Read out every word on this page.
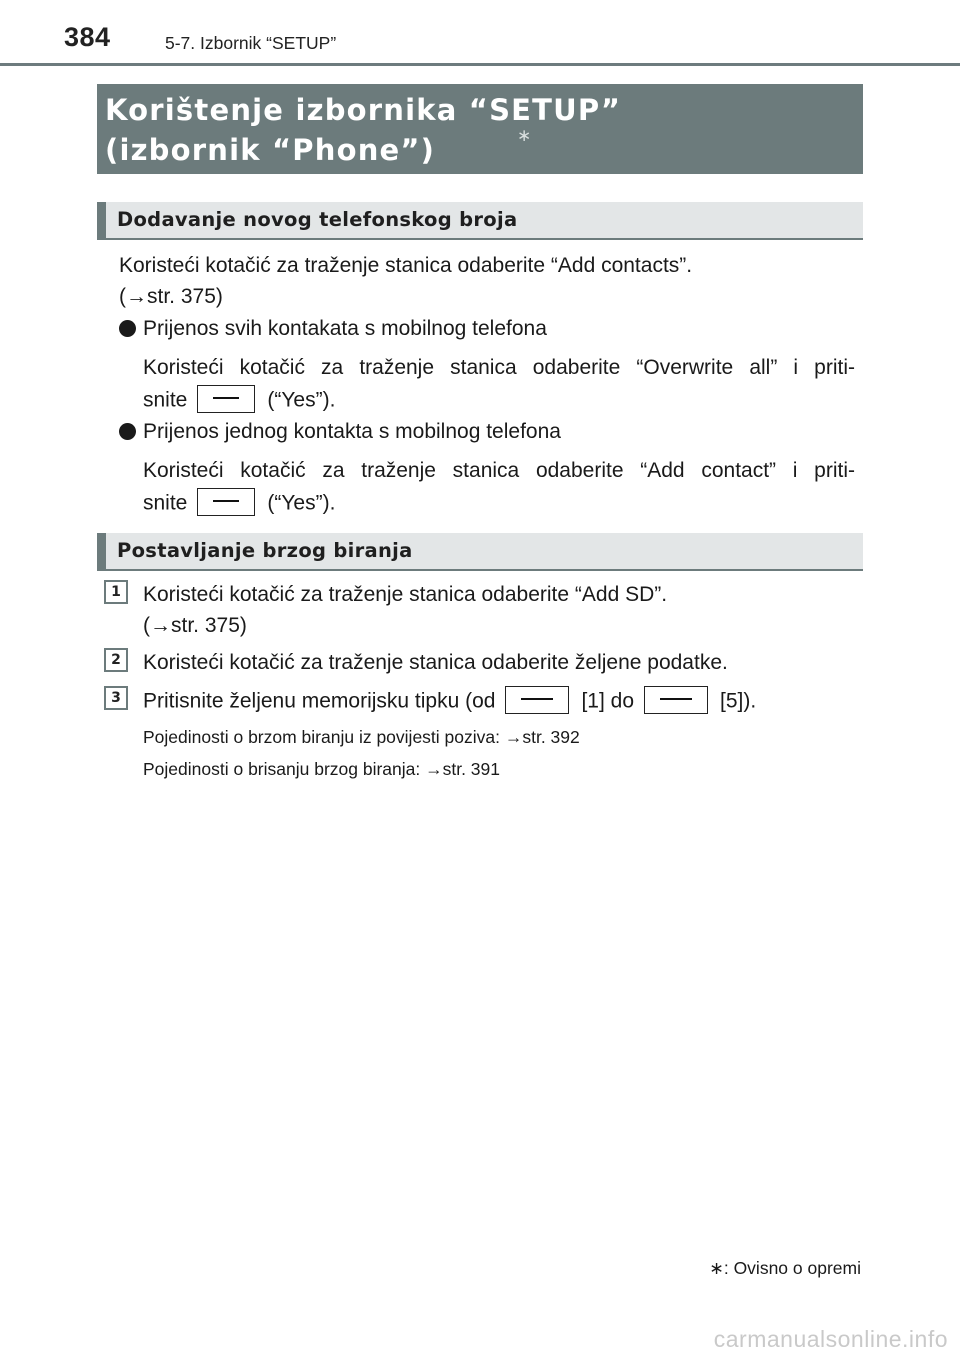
384	5-7. Izbornik “SETUP”
Korištenje izbornika “SETUP”
(izbornik “Phone”)	∗
Dodavanje novog telefonskog broja
Koristeći kotačić za traženje stanica odaberite “Add contacts”.
(→str. 375)
Prijenos svih kontakata s mobilnog telefona
Koristeći kotačić za traženje stanica odaberite “Overwrite all” i priti-
snite	(“Yes”).
Prijenos jednog kontakta s mobilnog telefona
Koristeći kotačić za traženje stanica odaberite “Add contact” i priti-
snite	(“Yes”).
Postavljanje brzog biranja
1	Koristeći kotačić za traženje stanica odaberite “Add SD”.
(→str. 375)
2	Koristeći kotačić za traženje stanica odaberite željene podatke.
3	Pritisnite željenu memorijsku tipku (od	[1] do	[5]).
Pojedinosti o brzom biranju iz povijesti poziva: →str. 392
Pojedinosti o brisanju brzog biranja: →str. 391
∗: Ovisno o opremi
carmanualsonline.info
